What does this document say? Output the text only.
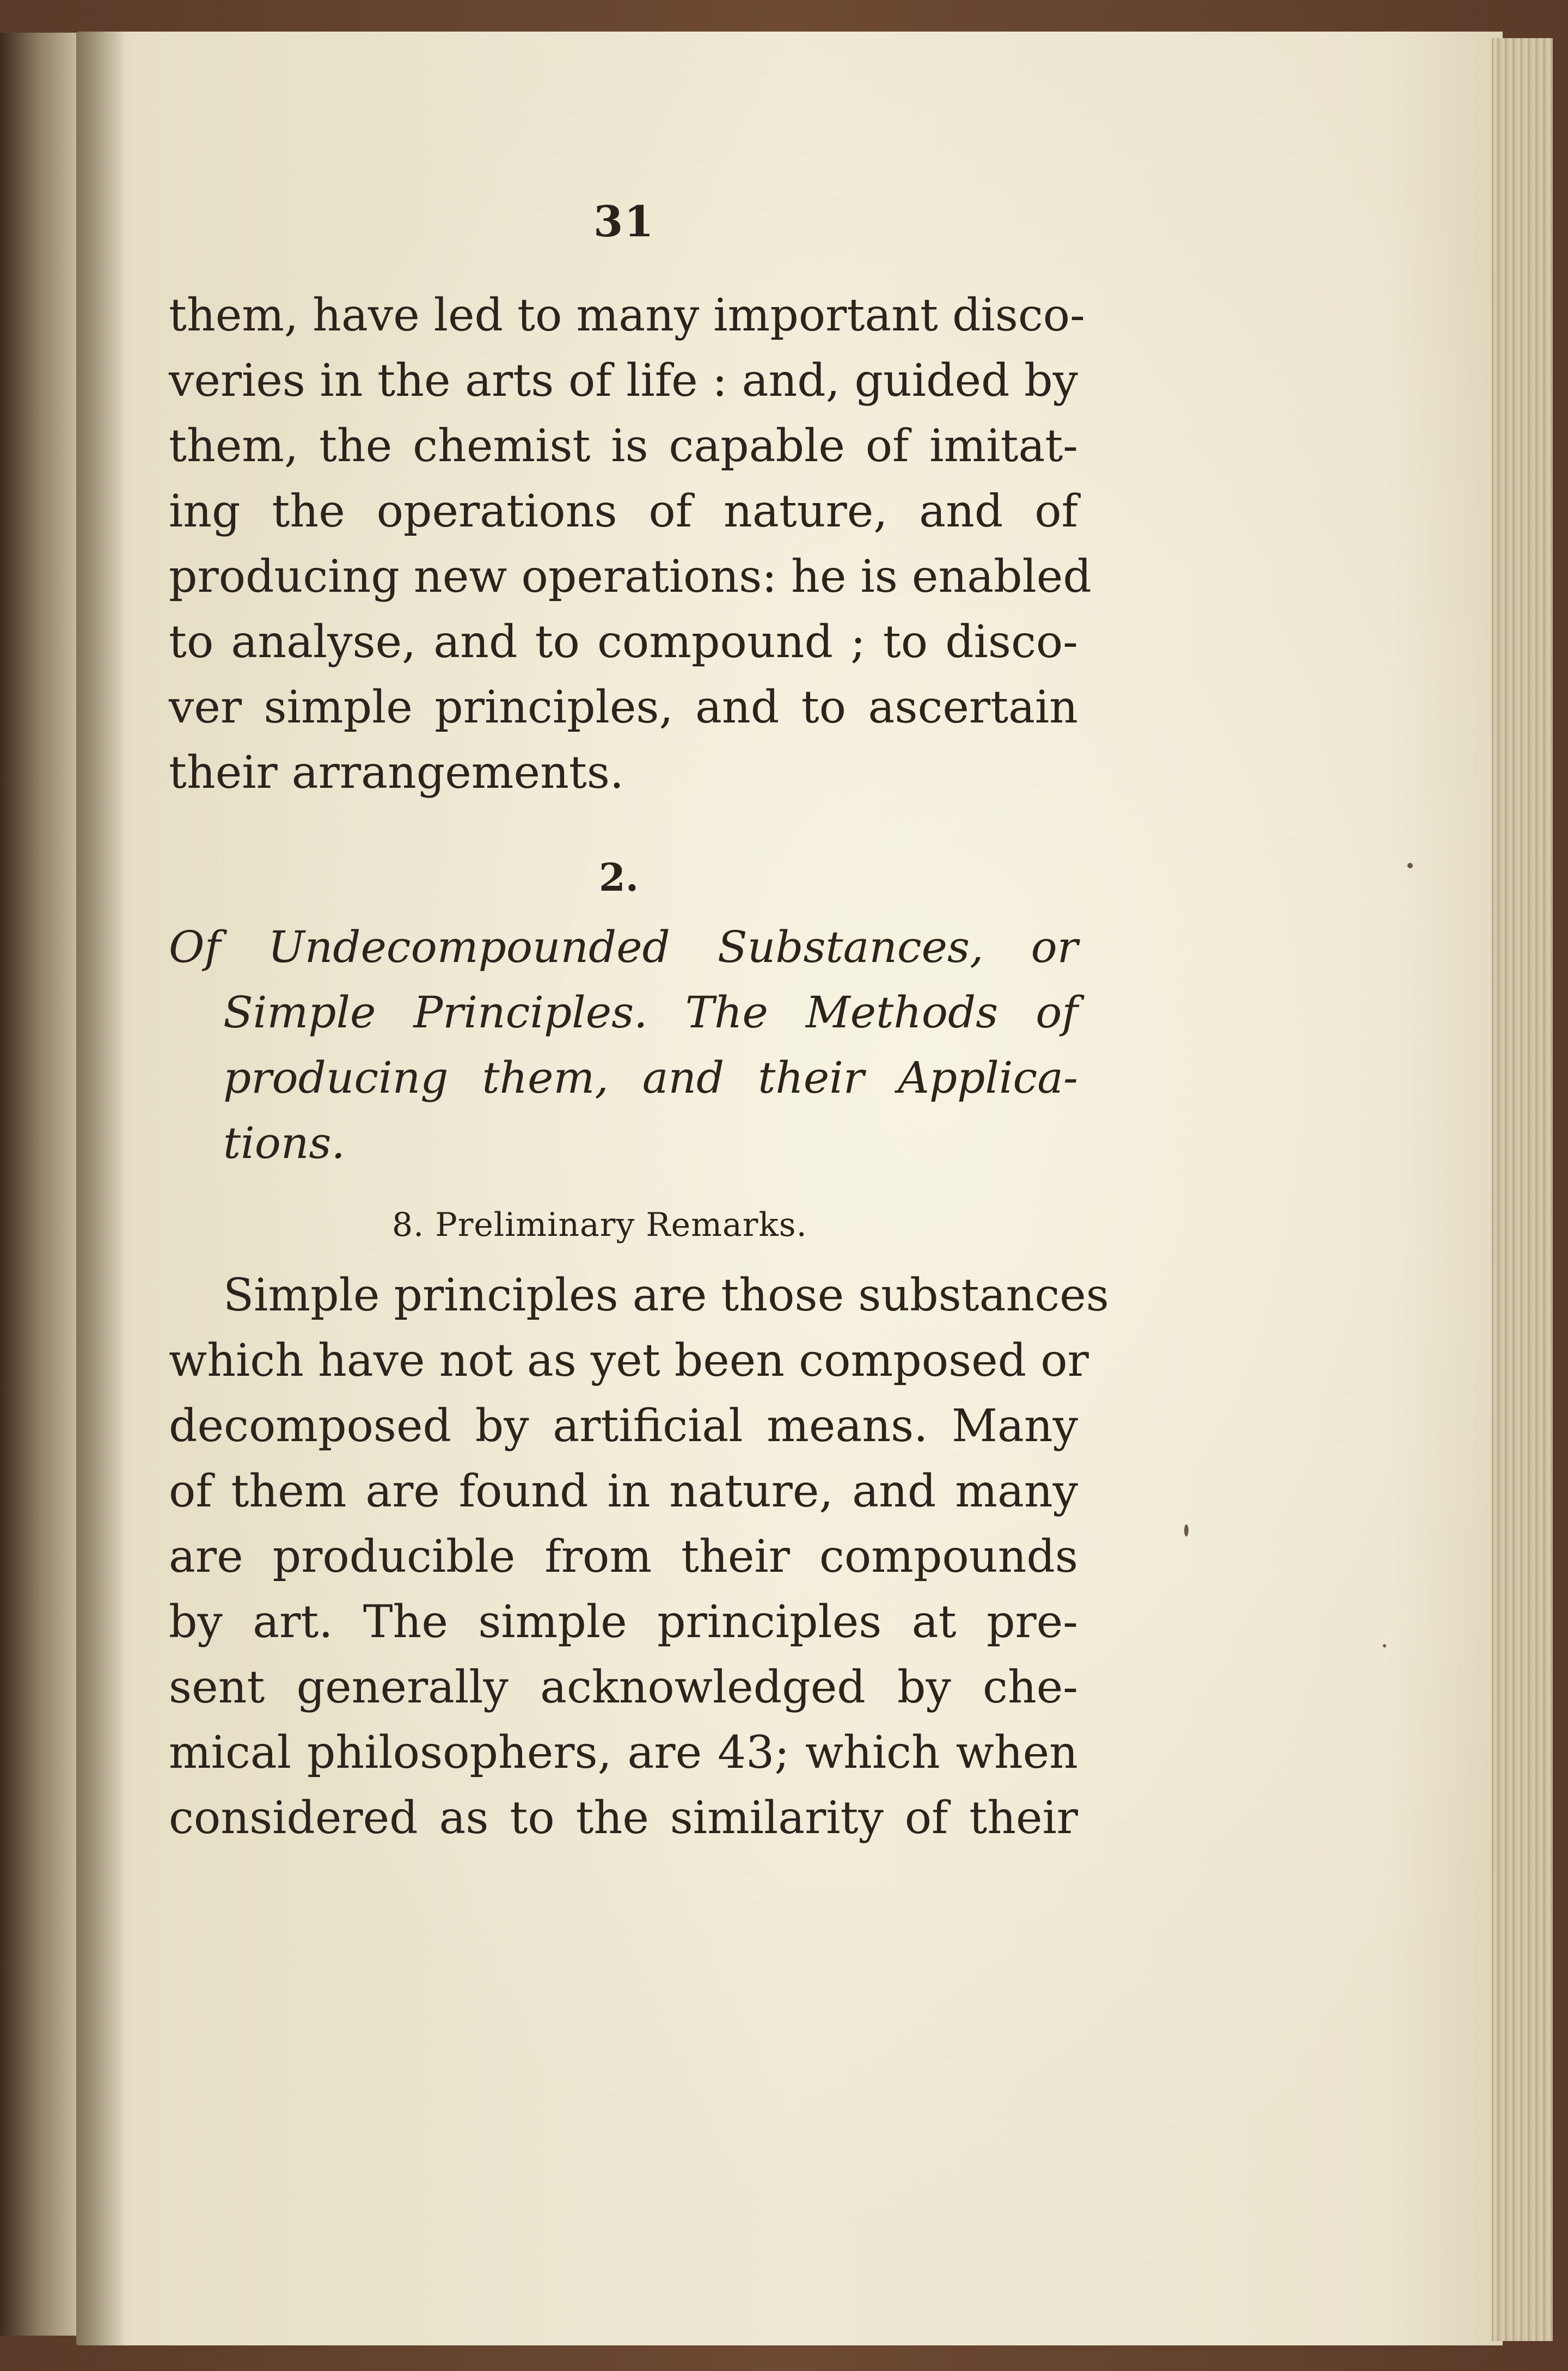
31
them, have led to many important disco-
veries in the arts of life : and, guided by
them, the chemist is capable of imitat-
ing the operations of nature, and of
producing new operations: he is enabled
to analyse, and to compound ; to disco-
ver simple principles, and to ascertain
their arrangements.
2.
Of Undecompounded Substances, or
Simple Principles. The Methods of
producing them, and their Applica-
tions.
8. Preliminary Remarks.
Simple principles are those substances
which have not as yet been composed or
decomposed by artificial means. Many
of them are found in nature, and many
are producible from their compounds
by art. The simple principles at pre-
sent generally acknowledged by che-
mical philosophers, are 43; which when
considered as to the similarity of their
